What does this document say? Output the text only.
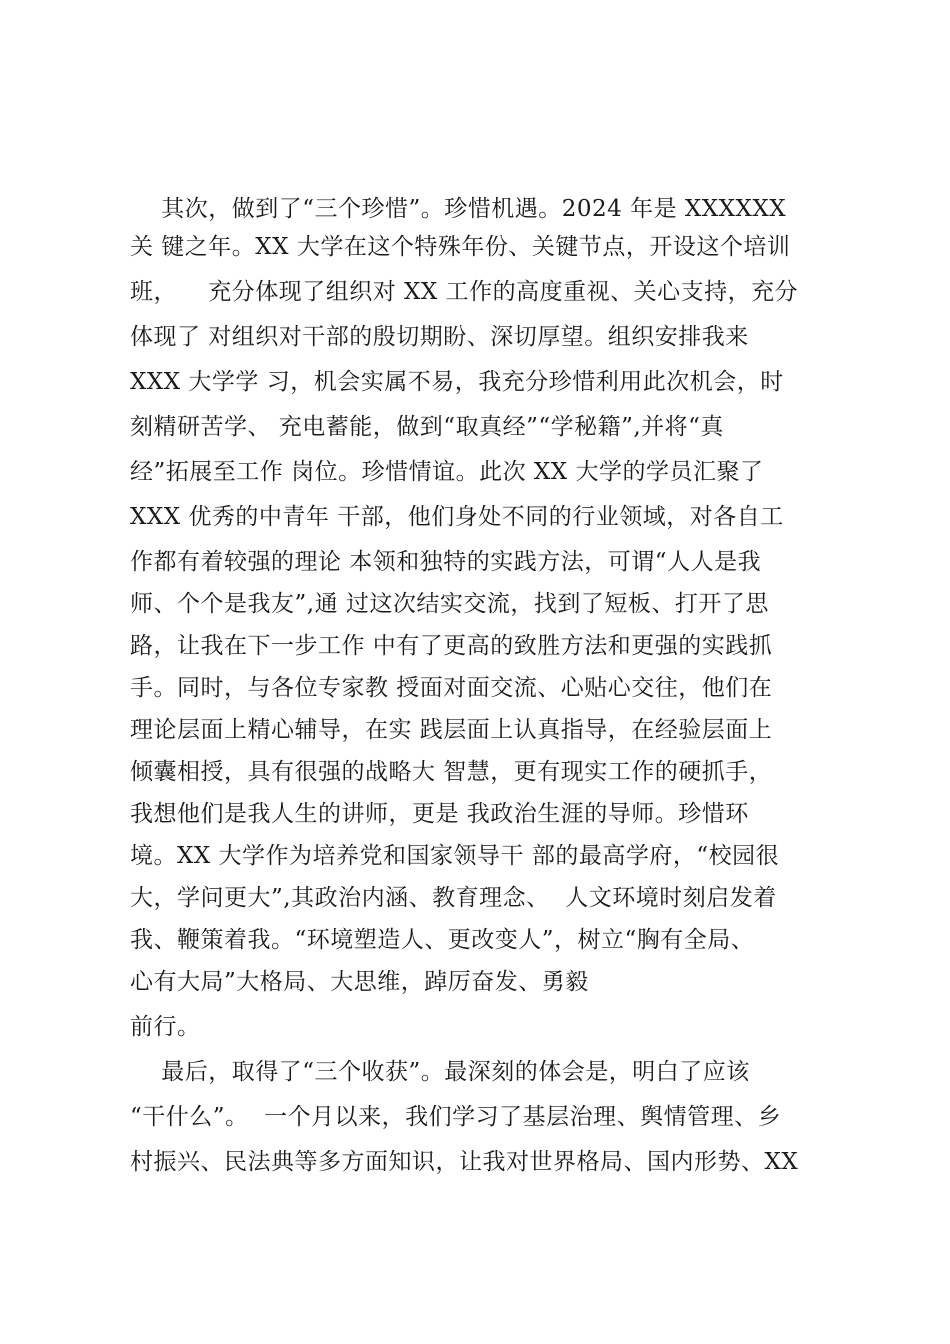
其次，做到了“三个珍惜”。珍惜机遇。2024 年是 XXXXXX
关 键之年。XX 大学在这个特殊年份、关键节点，开设这个培训
班，    充分体现了组织对 XX 工作的高度重视、关心支持，充分
体现了 对组织对干部的殷切期盼、深切厚望。组织安排我来
XXX 大学学 习，机会实属不易，我充分珍惜利用此次机会，时
刻精研苦学、 充电蓄能，做到“取真经”“学秘籍”,并将“真
经”拓展至工作 岗位。珍惜情谊。此次 XX 大学的学员汇聚了
XXX 优秀的中青年 干部，他们身处不同的行业领域，对各自工
作都有着较强的理论 本领和独特的实践方法，可谓“人人是我
师、个个是我友”,通 过这次结实交流，找到了短板、打开了思
路，让我在下一步工作 中有了更高的致胜方法和更强的实践抓
手。同时，与各位专家教 授面对面交流、心贴心交往，他们在
理论层面上精心辅导，在实 践层面上认真指导，在经验层面上
倾囊相授，具有很强的战略大 智慧，更有现实工作的硬抓手，
我想他们是我人生的讲师，更是 我政治生涯的导师。珍惜环
境。XX 大学作为培养党和国家领导干 部的最高学府，“校园很
大，学问更大”,其政治内涵、教育理念、  人文环境时刻启发着
我、鞭策着我。“环境塑造人、更改变人”，树立“胸有全局、
心有大局”大格局、大思维，踔厉奋发、勇毅
前行。
最后，取得了“三个收获”。最深刻的体会是，明白了应该
“干什么”。  一个月以来，我们学习了基层治理、舆情管理、乡
村振兴、民法典等多方面知识，让我对世界格局、国内形势、XX
